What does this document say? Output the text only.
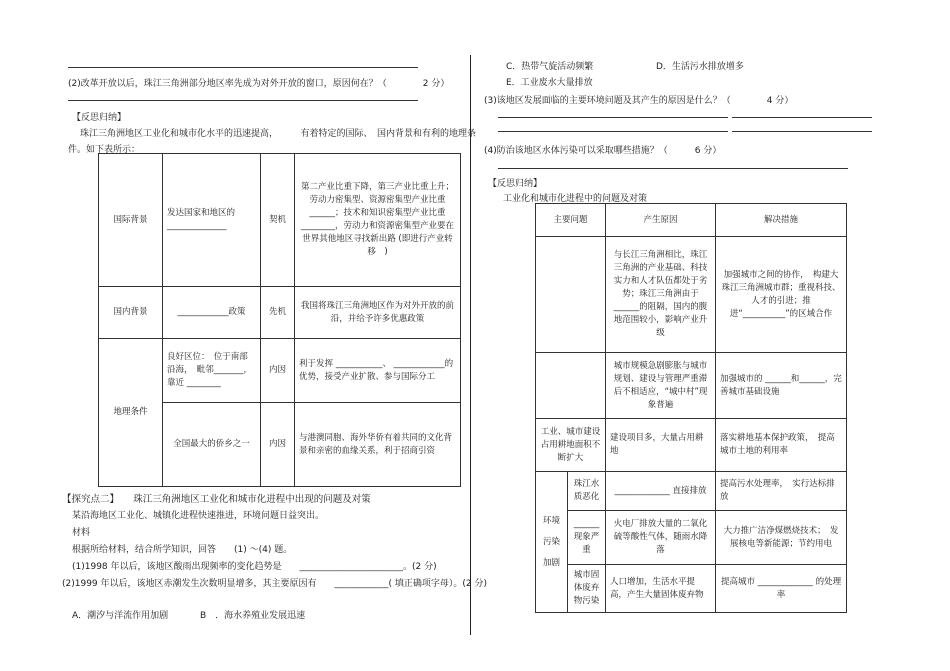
(2)改革开放以后，珠江三角洲部分地区率先成为对外开放的窗口，原因何在？（　　　　2 分）
【反思归纳】
珠江三角洲地区工业化和城市化水平的迅速提高，　　　有着特定的国际、　国内背景和有利的地理条
件。如下表所示：
国际背景	发达国家和地区的 ______________	契机	第二产业比重下降，第三产业比重上升；劳动力密集型、资源密集型产业比重______；技术和知识密集型产业比重 ________，劳动力和资源密集型产业要在世界其他地区寻找新出路 (即进行产业转移　)
国内背景	____________政策	先机	我国将珠江三角洲地区作为对外开放的前沿，并给予许多优惠政策
地理条件	良好区位：　位于南部沿海，　毗邻_______，靠近 ________	内因	利于发挥 ___________、 ____________的优势，接受产业扩散、参与国际分工
	全国最大的侨乡之一	内因	与港澳同胞、海外华侨有着共同的文化背景和亲密的血缘关系，利于招商引资
【探究点二】　　珠江三角洲地区工业化和城市化进程中出现的问题及对策
某沿海地区工业化、城镇化进程快速推进，环境问题日益突出。
材料
根据所给材料，结合所学知识，回答　　(1) ～(4) 题。
(1)1998 年以后，该地区酸雨出现频率的变化趋势是　　_______________________。(2 分)
(2)1999 年以后，该地区赤潮发生次数明显增多，其主要原因有　　____________( 填正确项字母）。(2 分)
A．潮汐与洋流作用加剧	B　．海水养殖业发展迅速
C．热带气旋活动频繁	D．生活污水排放增多
E．工业废水大量排放
(3)该地区发展面临的主要环境问题及其产生的原因是什么？（　　　　4 分）
(4)防治该地区水体污染可以采取哪些措施？（　　　6 分）
【反思归纳】
工业化和城市化进程中的问题及对策
主要问题		产生原因	解决措施
		与长江三角洲相比，珠江三角洲的产业基础、科技实力和人才队伍都处于劣势；珠江三角洲由于 ______的阻隔，国内的腹地范围较小，影响产业升级	加强城市之间的协作，　构建大珠江三角洲城市群；重视科技、人才的引进；推进“__________”的区域合作
		城市规模急剧膨胀与城市规划、建设与管理严重滞后不相适应，“城中村”现象普遍	加强城市的 ______和______，完善城市基础设施
工业、城市建设占用耕地面积不断扩大		建设项目多，大量占用耕地	落实耕地基本保护政策，　提高城市土地的利用率
环境污染加剧	珠江水质恶化	_____________ 直接排放	提高污水处理率，　实行达标排放
	______现象严重	火电厂排放大量的二氧化硫等酸性气体，随雨水降落	大力推广洁净煤燃烧技术；　发展核电等新能源；节约用电
	城市固体废弃物污染	人口增加，生活水平提高，产生大量固体废弃物	提高城市 _____________ 的处理率
